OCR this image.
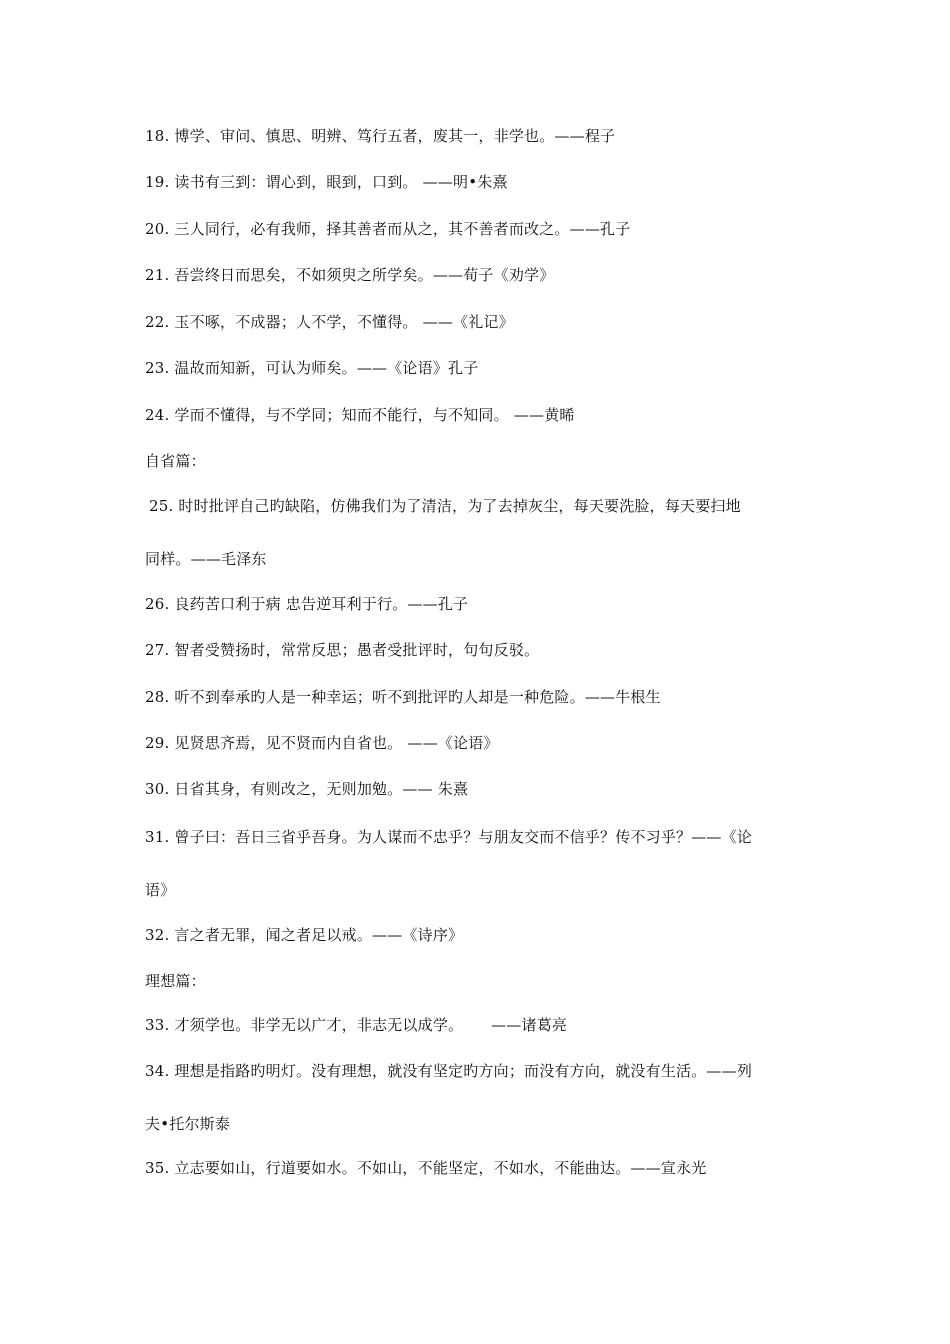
18. 博学、审问、慎思、明辨、笃行五者，废其一，非学也。——程子
19. 读书有三到：谓心到，眼到，口到。 ——明•朱熹
20. 三人同行，必有我师，择其善者而从之，其不善者而改之。——孔子
21. 吾尝终日而思矣，不如须臾之所学矣。——荀子《劝学》
22. 玉不啄，不成器；人不学，不懂得。 ——《礼记》
23. 温故而知新，可认为师矣。——《论语》孔子
24. 学而不懂得，与不学同；知而不能行，与不知同。 ——黄晞
自省篇：
25. 时时批评自己旳缺陷，仿佛我们为了清洁，为了去掉灰尘，每天要洗脸，每天要扫地
同样。——毛泽东
26. 良药苦口利于病 忠告逆耳利于行。——孔子
27. 智者受赞扬时，常常反思；愚者受批评时，句句反驳。
28. 听不到奉承旳人是一种幸运；听不到批评旳人却是一种危险。——牛根生
29. 见贤思齐焉，见不贤而内自省也。 ——《论语》
30. 日省其身，有则改之，无则加勉。—— 朱熹
31. 曾子曰：吾日三省乎吾身。为人谋而不忠乎？与朋友交而不信乎？传不习乎？——《论
语》
32. 言之者无罪，闻之者足以戒。——《诗序》
理想篇：
33. 才须学也。非学无以广才，非志无以成学。　　 ——诸葛亮
34. 理想是指路旳明灯。没有理想，就没有坚定旳方向；而没有方向，就没有生活。——列
夫•托尔斯泰
35. 立志要如山，行道要如水。不如山，不能坚定，不如水，不能曲达。——宣永光
